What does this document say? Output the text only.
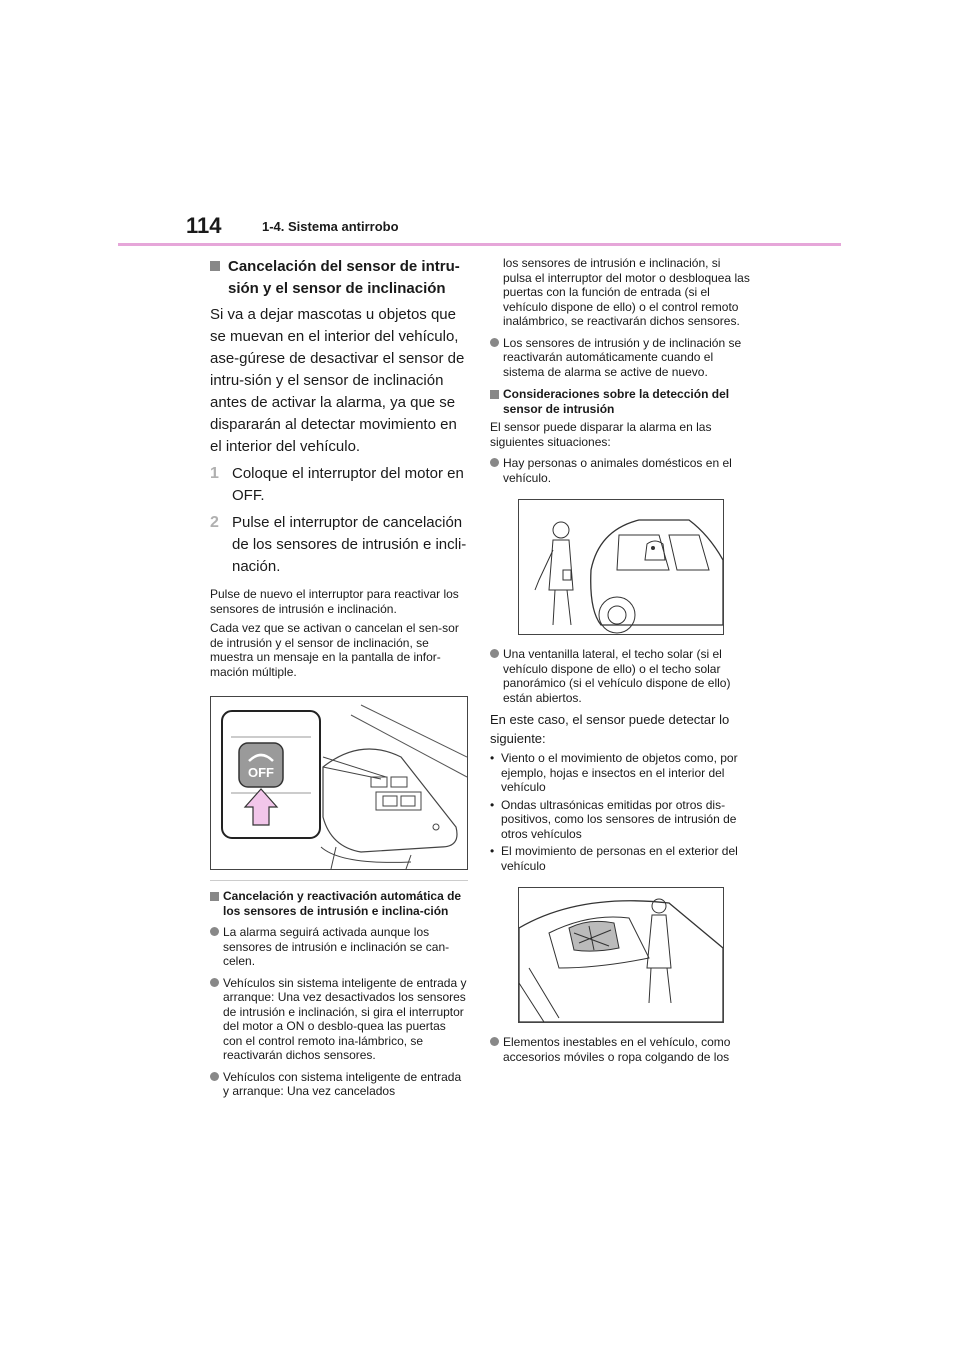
114	1-4. Sistema antirrobo

Cancelación del sensor de intru-sión y el sensor de inclinación

Si va a dejar mascotas u objetos que se muevan en el interior del vehículo, ase-gúrese de desactivar el sensor de intru-sión y el sensor de inclinación antes de activar la alarma, ya que se dispararán al detectar movimiento en el interior del vehículo.

1 Coloque el interruptor del motor en OFF.
2 Pulse el interruptor de cancelación de los sensores de intrusión e incli-nación.

Pulse de nuevo el interruptor para reactivar los sensores de intrusión e inclinación.

Cada vez que se activan o cancelan el sen-sor de intrusión y el sensor de inclinación, se muestra un mensaje en la pantalla de infor-mación múltiple.

OFF

Cancelación y reactivación automática de los sensores de intrusión e inclina-ción

La alarma seguirá activada aunque los sensores de intrusión e inclinación se can-celen.

Vehículos sin sistema inteligente de entrada y arranque: Una vez desactivados los sensores de intrusión e inclinación, si gira el interruptor del motor a ON o desblo-quea las puertas con el control remoto ina-lámbrico, se reactivarán dichos sensores.

Vehículos con sistema inteligente de entrada y arranque: Una vez cancelados

los sensores de intrusión e inclinación, si pulsa el interruptor del motor o desbloquea las puertas con la función de entrada (si el vehículo dispone de ello) o el control remoto inalámbrico, se reactivarán dichos sensores.

Los sensores de intrusión y de inclinación se reactivarán automáticamente cuando el sistema de alarma se active de nuevo.

Consideraciones sobre la detección del sensor de intrusión

El sensor puede disparar la alarma en las siguientes situaciones:

Hay personas o animales domésticos en el vehículo.

Una ventanilla lateral, el techo solar (si el vehículo dispone de ello) o el techo solar panorámico (si el vehículo dispone de ello) están abiertos.

En este caso, el sensor puede detectar lo

siguiente:

• Viento o el movimiento de objetos como, por ejemplo, hojas e insectos en el interior del vehículo

• Ondas ultrasónicas emitidas por otros dis-positivos, como los sensores de intrusión de otros vehículos

• El movimiento de personas en el exterior del vehículo

Elementos inestables en el vehículo, como accesorios móviles o ropa colgando de los
